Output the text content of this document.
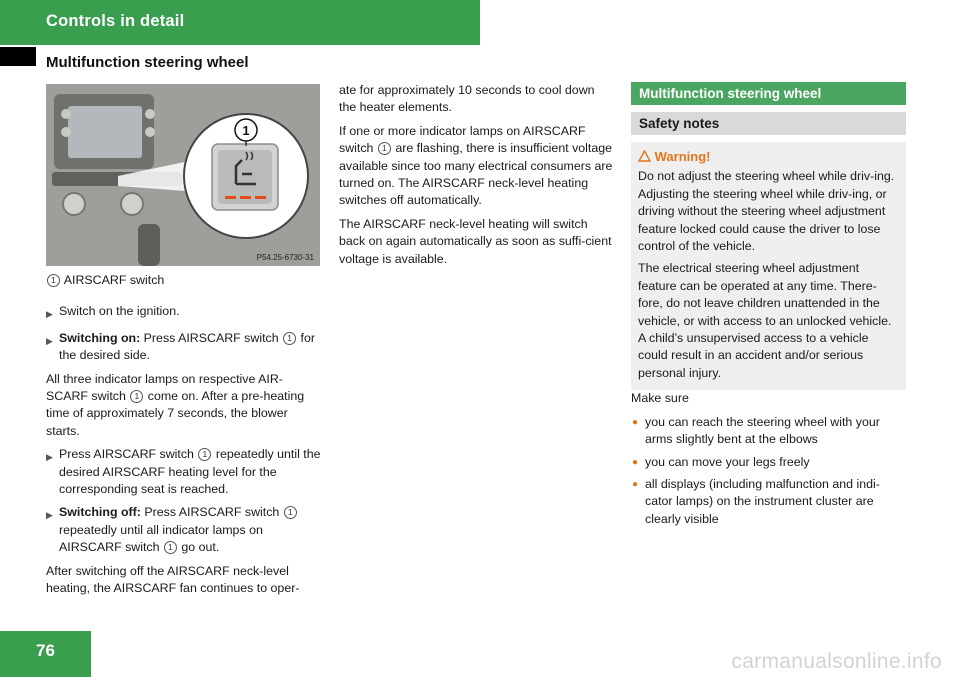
Controls in detail
Multifunction steering wheel
1
P54.25-6730-31
1 AIRSCARF switch
▶ Switch on the ignition.
▶ Switching on: Press AIRSCARF switch 1 for the desired side.

All three indicator lamps on respective AIR-SCARF switch 1 come on. After a pre-heating time of approximately 7 seconds, the blower starts.

▶ Press AIRSCARF switch 1 repeatedly until the desired AIRSCARF heating level for the corresponding seat is reached.
▶ Switching off: Press AIRSCARF switch 1 repeatedly until all indicator lamps on AIRSCARF switch 1 go out.

After switching off the AIRSCARF neck-level heating, the AIRSCARF fan continues to oper-

ate for approximately 10 seconds to cool down the heater elements.

If one or more indicator lamps on AIRSCARF switch 1 are flashing, there is insufficient voltage available since too many electrical consumers are turned on. The AIRSCARF neck-level heating switches off automatically.

The AIRSCARF neck-level heating will switch back on again automatically as soon as suffi-cient voltage is available.

Multifunction steering wheel
Safety notes
Warning!

Do not adjust the steering wheel while driv-ing. Adjusting the steering wheel while driv-ing, or driving without the steering wheel adjustment feature locked could cause the driver to lose control of the vehicle.

The electrical steering wheel adjustment feature can be operated at any time. There-fore, do not leave children unattended in the vehicle, or with access to an unlocked vehicle. A child’s unsupervised access to a vehicle could result in an accident and/or serious personal injury.

Make sure

● you can reach the steering wheel with your arms slightly bent at the elbows
● you can move your legs freely
● all displays (including malfunction and indi-cator lamps) on the instrument cluster are clearly visible
76	carmanualsonline.info
